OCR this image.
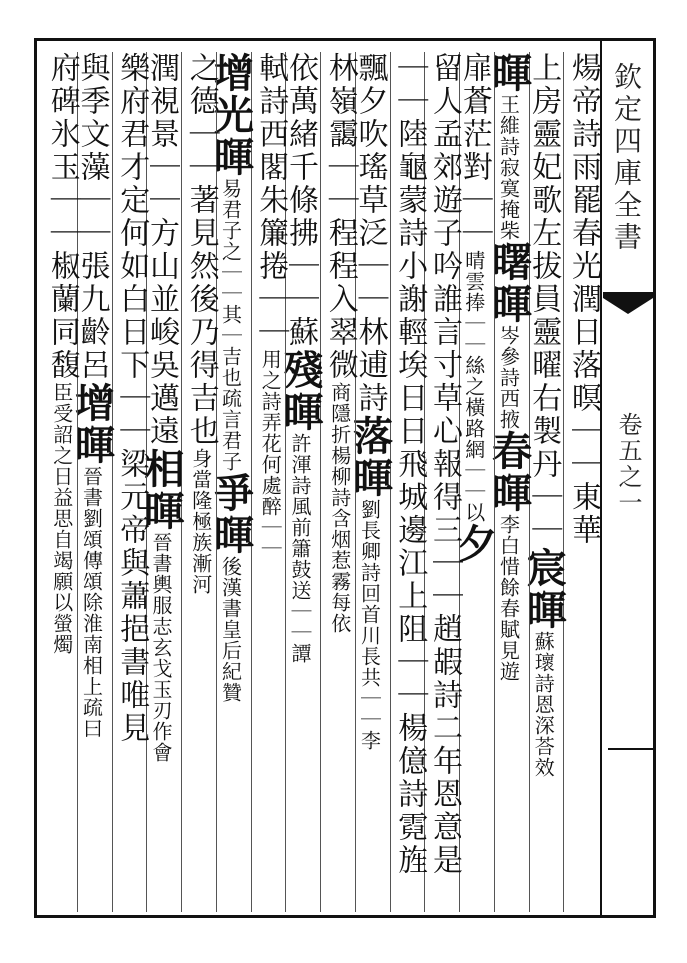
欽定四庫全書
卷五之一
煬帝詩雨罷春光潤日落暝｜｜東華
上房靈妃歌左拔員靈曜右製丹｜｜宸暉蘇瓌詩恩深荅效
暉王維詩寂寞掩柴曙暉岑參詩西掖春暉李白惜餘春賦見遊
扉蒼茫對｜｜晴雲捧｜｜絲之橫路網｜｜以夕
留人孟郊遊子吟誰言寸草心報得三｜｜趙嘏詩二年恩意是
｜｜陸龜蒙詩小謝輕埃日日飛城邊江上阻｜｜楊億詩霓旌
飄夕吹瑤草泛｜｜林逋詩落暉劉長卿詩回首川長共｜｜李
林嶺靄｜｜程程入翠微商隱折楊柳詩含烟惹霧每依
依萬緒千條拂｜｜蘇殘暉許渾詩風前簫鼓送｜｜譚
軾詩西閣朱簾捲｜｜用之詩弄花何處醉｜｜
增光暉易君子之｜｜其｜吉也疏言君子爭暉後漢書皇后紀贊
之德｜｜著見然後乃得吉也身當隆極族漸河
潤視景｜｜方山並峻吳邁遠相暉晉書輿服志玄戈玉刃作會
樂府君才定何如白日下｜｜梁元帝與蕭挹書唯見
與季文藻｜｜張九齡呂增暉晉書劉頌傳頌除淮南相上疏曰
府碑氷玉｜｜椒蘭同馥臣受詔之日益思自竭願以螢燭
